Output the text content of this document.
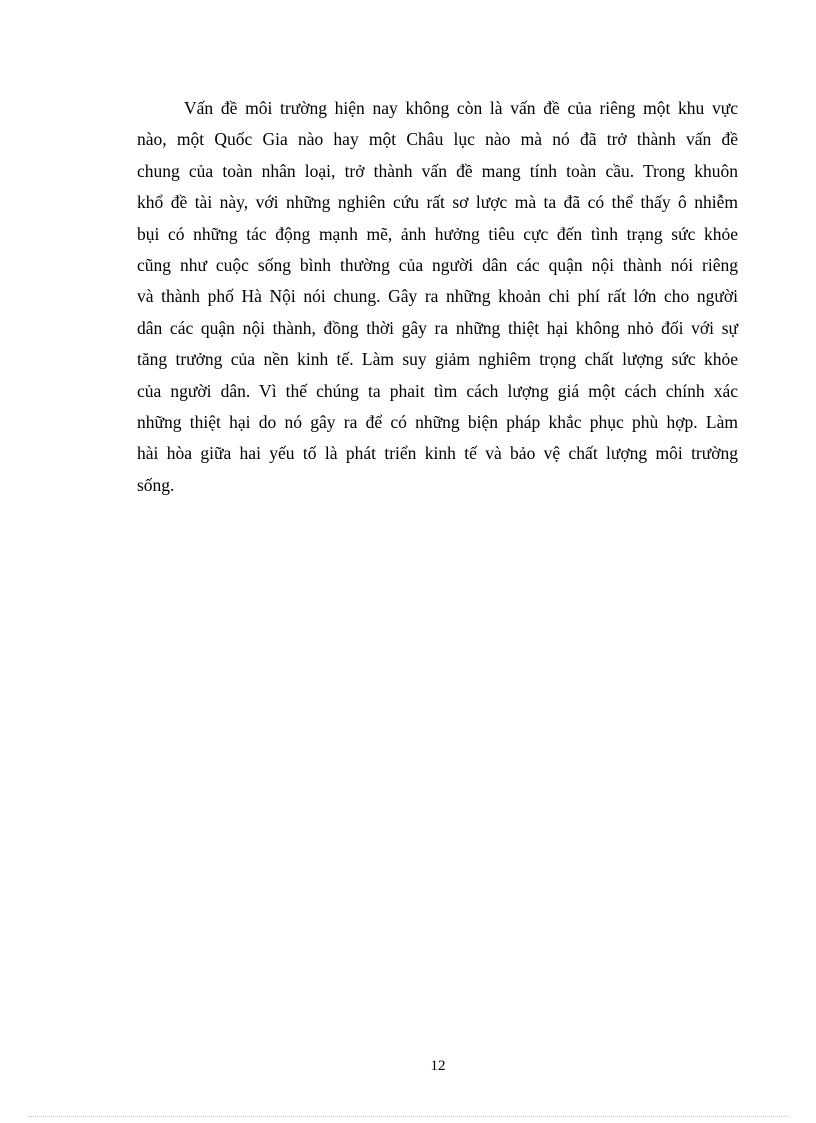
Vấn đề môi trường hiện nay không còn là vấn đề của riêng một khu vực
nào, một Quốc Gia nào hay một Châu lục nào mà nó đã trở thành vấn đề
chung của toàn nhân loại, trở thành vấn đề mang tính toàn cầu. Trong khuôn
khổ đề tài này, với những nghiên cứu rất sơ lược mà ta đã có thể thấy ô nhiễm
bụi có những tác động mạnh mẽ, ảnh hưởng tiêu cực đến tình trạng sức khỏe
cũng như cuộc sống bình thường của người dân các quận nội thành nói riêng
và thành phố Hà Nội nói chung. Gây ra những khoản chi phí rất lớn cho người
dân các quận nội thành, đồng thời gây ra những thiệt hại không nhỏ đối với sự
tăng trưởng của nền kinh tế. Làm suy giảm nghiêm trọng chất lượng sức khỏe
của người dân. Vì thế chúng ta phait tìm cách lượng giá một cách chính xác
những thiệt hại do nó gây ra để có những biện pháp khắc phục phù hợp. Làm
hài hòa giữa hai yếu tố là phát triển kinh tế và bảo vệ chất lượng môi trường
sống.

12
